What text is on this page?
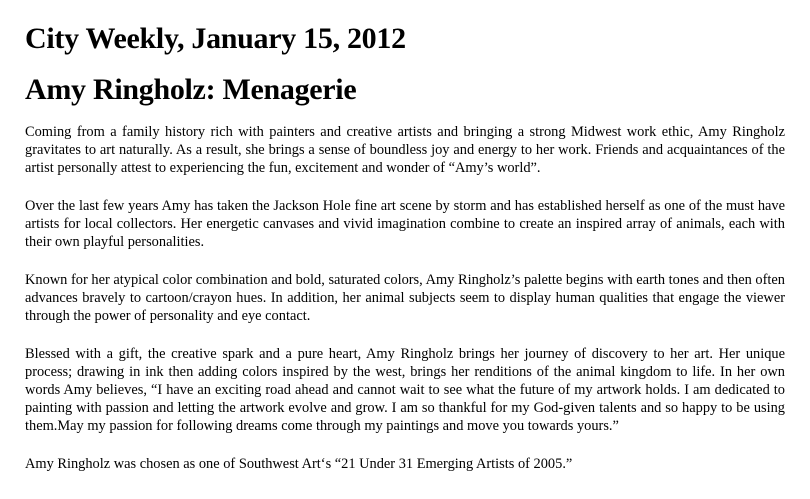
City Weekly, January 15, 2012
Amy Ringholz: Menagerie

Coming from a family history rich with painters and creative artists and bringing a strong Midwest work ethic, Amy Ringholz gravitates to art naturally. As a result, she brings a sense of boundless joy and energy to her work. Friends and acquaintances of the artist personally attest to experiencing the fun, excitement and wonder of “Amy’s world”.

Over the last few years Amy has taken the Jackson Hole fine art scene by storm and has established herself as one of the must have artists for local collectors. Her energetic canvases and vivid imagination combine to create an inspired array of animals, each with their own playful personalities.

Known for her atypical color combination and bold, saturated colors, Amy Ringholz’s palette begins with earth tones and then often advances bravely to cartoon/crayon hues. In addition, her animal subjects seem to display human qualities that engage the viewer through the power of personality and eye contact.

Blessed with a gift, the creative spark and a pure heart, Amy Ringholz brings her journey of discovery to her art. Her unique process; drawing in ink then adding colors inspired by the west, brings her renditions of the animal kingdom to life. In her own words Amy believes, “I have an exciting road ahead and cannot wait to see what the future of my artwork holds. I am dedicated to painting with passion and letting the artwork evolve and grow. I am so thankful for my God-given talents and so happy to be using them.May my passion for following dreams come through my paintings and move you towards yours.”

Amy Ringholz was chosen as one of Southwest Art‘s “21 Under 31 Emerging Artists of 2005.”
